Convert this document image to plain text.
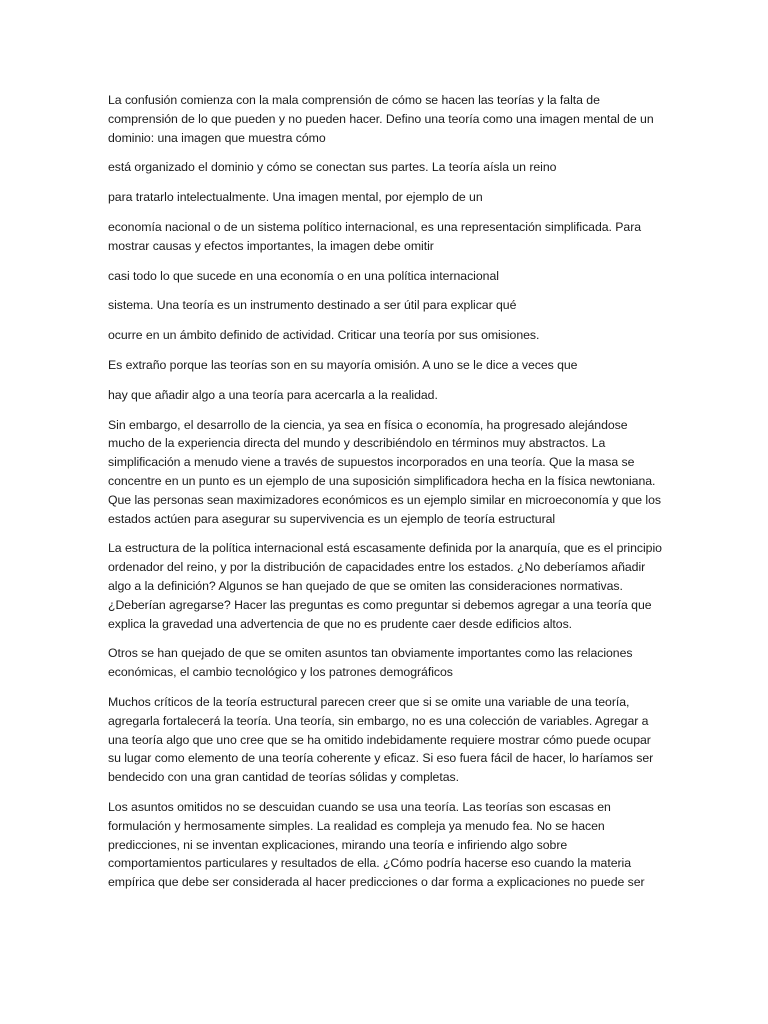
La confusión comienza con la mala comprensión de cómo se hacen las teorías y la falta de comprensión de lo que pueden y no pueden hacer. Defino una teoría como una imagen mental de un dominio: una imagen que muestra cómo

está organizado el dominio y cómo se conectan sus partes. La teoría aísla un reino

para tratarlo intelectualmente. Una imagen mental, por ejemplo de un

economía nacional o de un sistema político internacional, es una representación simplificada. Para mostrar causas y efectos importantes, la imagen debe omitir

casi todo lo que sucede en una economía o en una política internacional

sistema. Una teoría es un instrumento destinado a ser útil para explicar qué

ocurre en un ámbito definido de actividad. Criticar una teoría por sus omisiones.

Es extraño porque las teorías son en su mayoría omisión. A uno se le dice a veces que

hay que añadir algo a una teoría para acercarla a la realidad.

Sin embargo, el desarrollo de la ciencia, ya sea en física o economía, ha progresado alejándose mucho de la experiencia directa del mundo y describiéndolo en términos muy abstractos. La simplificación a menudo viene a través de supuestos incorporados en una teoría. Que la masa se concentre en un punto es un ejemplo de una suposición simplificadora hecha en la física newtoniana. Que las personas sean maximizadores económicos es un ejemplo similar en microeconomía y que los estados actúen para asegurar su supervivencia es un ejemplo de teoría estructural

La estructura de la política internacional está escasamente definida por la anarquía, que es el principio ordenador del reino, y por la distribución de capacidades entre los estados. ¿No deberíamos añadir algo a la definición? Algunos se han quejado de que se omiten las consideraciones normativas. ¿Deberían agregarse? Hacer las preguntas es como preguntar si debemos agregar a una teoría que explica la gravedad una advertencia de que no es prudente caer desde edificios altos.

Otros se han quejado de que se omiten asuntos tan obviamente importantes como las relaciones económicas, el cambio tecnológico y los patrones demográficos

Muchos críticos de la teoría estructural parecen creer que si se omite una variable de una teoría, agregarla fortalecerá la teoría. Una teoría, sin embargo, no es una colección de variables. Agregar a una teoría algo que uno cree que se ha omitido indebidamente requiere mostrar cómo puede ocupar su lugar como elemento de una teoría coherente y eficaz. Si eso fuera fácil de hacer, lo haríamos ser bendecido con una gran cantidad de teorías sólidas y completas.

Los asuntos omitidos no se descuidan cuando se usa una teoría. Las teorías son escasas en formulación y hermosamente simples. La realidad es compleja ya menudo fea. No se hacen predicciones, ni se inventan explicaciones, mirando una teoría e infiriendo algo sobre comportamientos particulares y resultados de ella. ¿Cómo podría hacerse eso cuando la materia empírica que debe ser considerada al hacer predicciones o dar forma a explicaciones no puede ser
